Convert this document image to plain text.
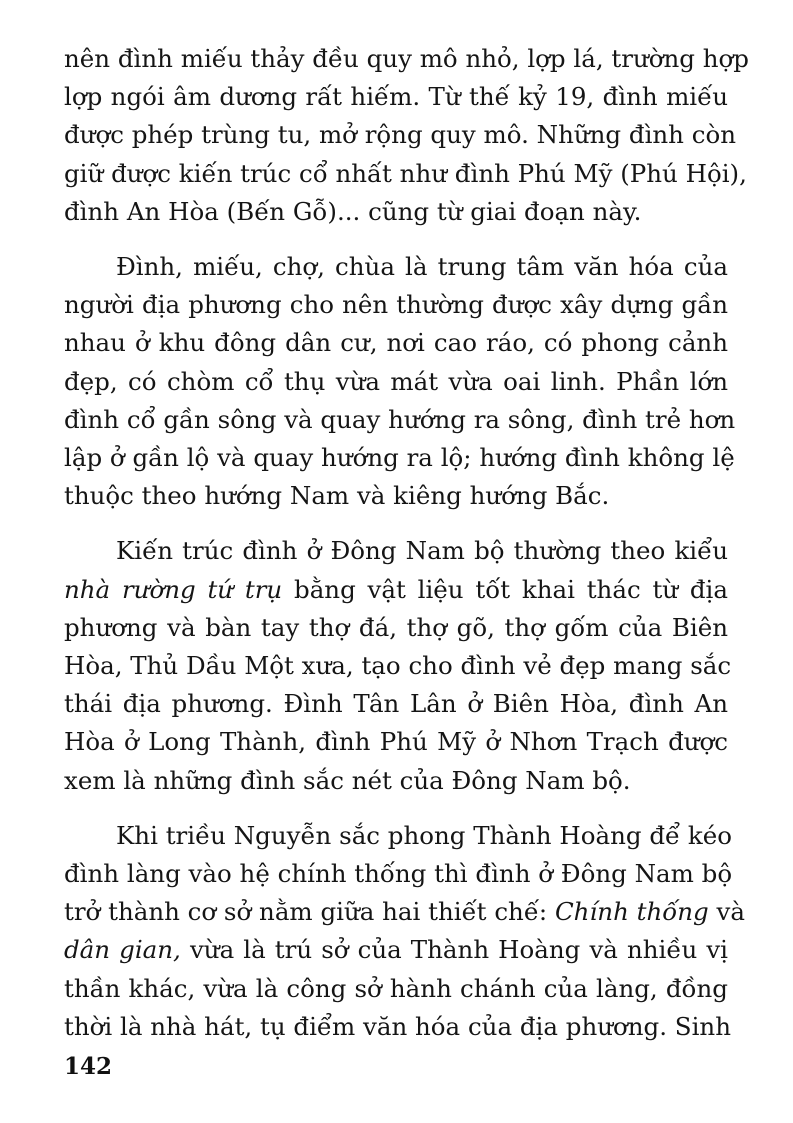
nên đình miếu thảy đều quy mô nhỏ, lợp lá, trường hợp
lợp ngói âm dương rất hiếm. Từ thế kỷ 19, đình miếu
được phép trùng tu, mở rộng quy mô. Những đình còn
giữ được kiến trúc cổ nhất như đình Phú Mỹ (Phú Hội),
đình An Hòa (Bến Gỗ)... cũng từ giai đoạn này.

Đình, miếu, chợ, chùa là trung tâm văn hóa của
người địa phương cho nên thường được xây dựng gần
nhau ở khu đông dân cư, nơi cao ráo, có phong cảnh
đẹp, có chòm cổ thụ vừa mát vừa oai linh. Phần lớn
đình cổ gần sông và quay hướng ra sông, đình trẻ hơn
lập ở gần lộ và quay hướng ra lộ; hướng đình không lệ
thuộc theo hướng Nam và kiêng hướng Bắc.

Kiến trúc đình ở Đông Nam bộ thường theo kiểu
nhà rường tứ trụ bằng vật liệu tốt khai thác từ địa
phương và bàn tay thợ đá, thợ gõ, thợ gốm của Biên
Hòa, Thủ Dầu Một xưa, tạo cho đình vẻ đẹp mang sắc
thái địa phương. Đình Tân Lân ở Biên Hòa, đình An
Hòa ở Long Thành, đình Phú Mỹ ở Nhơn Trạch được
xem là những đình sắc nét của Đông Nam bộ.

Khi triều Nguyễn sắc phong Thành Hoàng để kéo
đình làng vào hệ chính thống thì đình ở Đông Nam bộ
trở thành cơ sở nằm giữa hai thiết chế: Chính thống và
dân gian, vừa là trú sở của Thành Hoàng và nhiều vị
thần khác, vừa là công sở hành chánh của làng, đồng
thời là nhà hát, tụ điểm văn hóa của địa phương. Sinh

142
